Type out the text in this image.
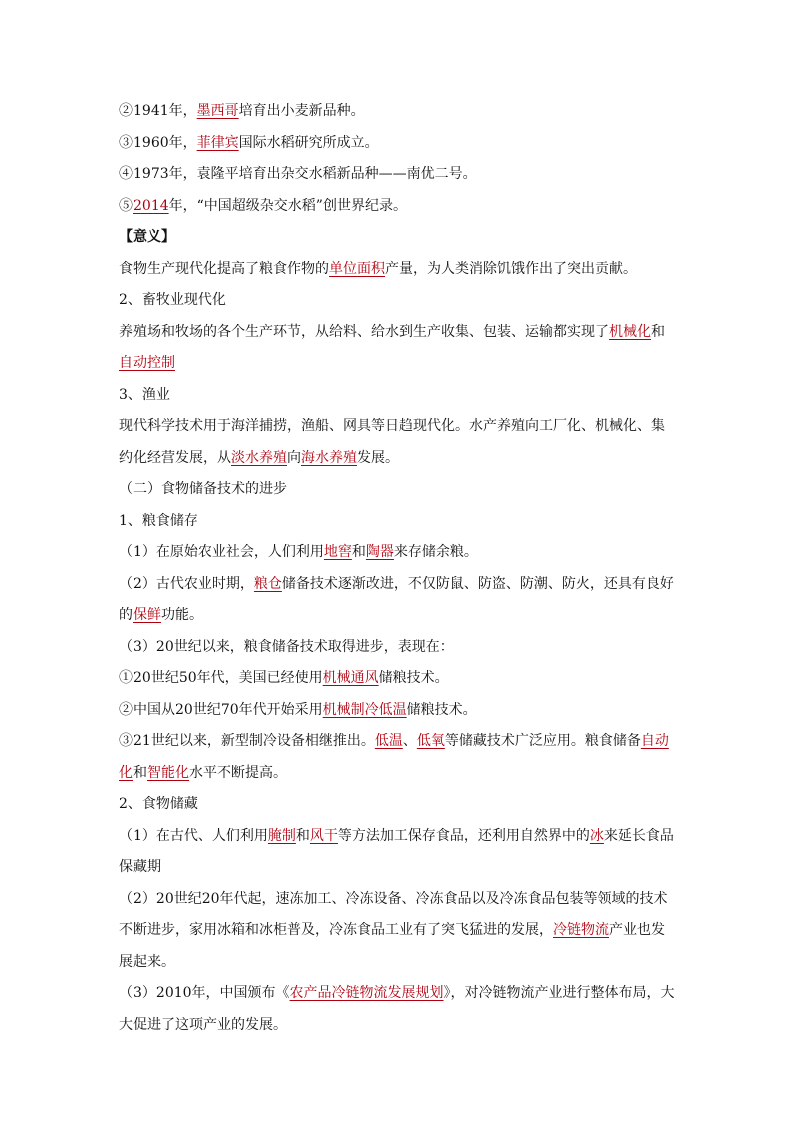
②1941年，墨西哥培育出小麦新品种。
③1960年，菲律宾国际水稻研究所成立。
④1973年，袁隆平培育出杂交水稻新品种——南优二号。
⑤2014年，“中国超级杂交水稻”创世界纪录。
【意义】
食物生产现代化提高了粮食作物的单位面积产量，为人类消除饥饿作出了突出贡献。
2、畜牧业现代化
养殖场和牧场的各个生产环节，从给料、给水到生产收集、包装、运输都实现了机械化和
自动控制
3、渔业
现代科学技术用于海洋捕捞，渔船、网具等日趋现代化。水产养殖向工厂化、机械化、集
约化经营发展，从淡水养殖向海水养殖发展。
（二）食物储备技术的进步
1、粮食储存
（1）在原始农业社会，人们利用地窖和陶器来存储余粮。
（2）古代农业时期，粮仓储备技术逐渐改进，不仅防鼠、防盗、防潮、防火，还具有良好
的保鲜功能。
（3）20世纪以来，粮食储备技术取得进步，表现在：
①20世纪50年代，美国已经使用机械通风储粮技术。
②中国从20世纪70年代开始采用机械制冷低温储粮技术。
③21世纪以来，新型制冷设备相继推出。低温、低氧等储藏技术广泛应用。粮食储备自动
化和智能化水平不断提高。
2、食物储藏
（1）在古代、人们利用腌制和风干等方法加工保存食品，还利用自然界中的冰来延长食品
保藏期
（2）20世纪20年代起，速冻加工、冷冻设备、冷冻食品以及冷冻食品包装等领域的技术
不断进步，家用冰箱和冰柜普及，冷冻食品工业有了突飞猛进的发展，冷链物流产业也发
展起来。
（3）2010年，中国颁布《农产品冷链物流发展规划》，对冷链物流产业进行整体布局，大
大促进了这项产业的发展。
